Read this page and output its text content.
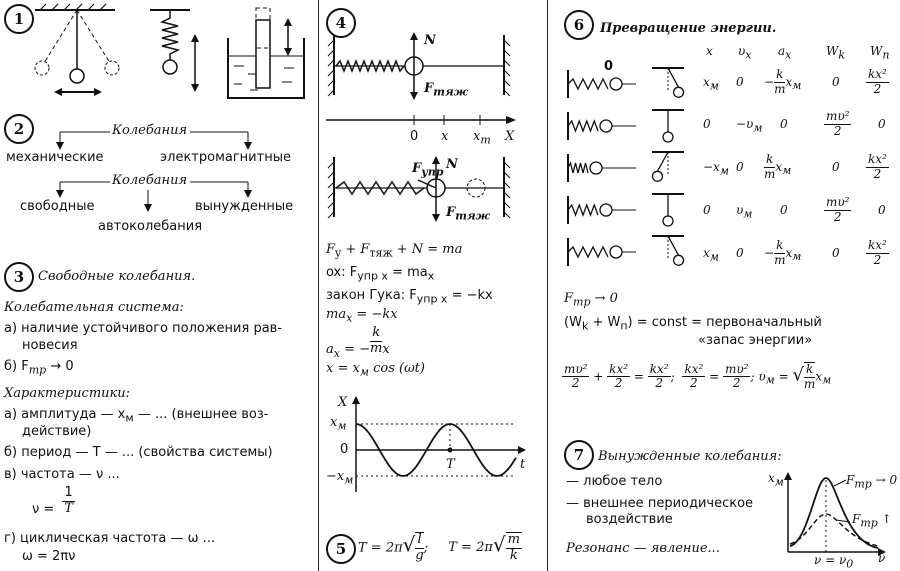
1
2	Колебания
механические	электромагнитные
Колебания
свободные	вынужденные
автоколебания
3	Свободные колебания.
Колебательная система:
а) наличие устойчивого положения рав-
новесия
б) $F_{тр} \to 0$
Характеристики:
а) амплитуда — $x_м$ — ... (внешнее воз-
действие)
б) период — T — ... (свойства системы)
в) частота — ν ...
$\nu = \frac{1}{T}$
г) циклическая частота — ω ...
ω = 2πν
4
N
$F_{тяж}$
0 x $x_m$ X
$F_{упр}$
N
$F_{тяж}$
$F_y + F_{тяж} + N$ = ma
ox: $F_{упр x} = ma_x$
закон Гука: $F_{упр x} = -kx$
$ma_x = -kx$
$a_x$ = − $\frac{k}{m}$ x
$x = x_м$ cos (ωt)
X
$x_м$
0
$-x_м$
T	t
5 $T = 2\pi√ \frac{l}{g}$ ; $T = 2\pi√ \frac{m}{k}$
6	Превращение энергии.
x $\upsilon_x$ $a_x$	$W_k$ $W_п$
0
$x_м$ $0 - \frac{k}{m} x_м$	$0 \frac{\text{kx²}}{2}$
$0 -\upsilon_м$ 0	$\frac{\text{mυ²}}{2} 0$
$-x_м$ $0 \frac{k}{m} x_м$	$0 \frac{\text{kx²}}{2}$
0 $\upsilon_м$ 0	$\frac{\text{mυ²}}{2} 0$
$x_м$ $0 - \frac{k}{m} x_м$	$0 \frac{\text{kx²}}{2}$
$F_{тр} \to 0$
$(W_k + W_п)$ = const = первоначальный
«запас энергии»
$\frac{\text{mυ²}}{2} + \frac{\text{kx²}}{2} = \frac{\text{kx²}}{2}$ ; $\frac{\text{kx²}}{2} = \frac{\text{mυ²}}{2}$ ; $\upsilon_м$ = √ $\frac{k}{m} x_м$
7	Вынужденные колебания:
— любое тело
— внешнее периодическое
воздействие
Резонанс — явление...
$x_м$	$F_{тр} \to 0$
$F_{тр}$ ↑
$\nu = \nu_0$ ν
